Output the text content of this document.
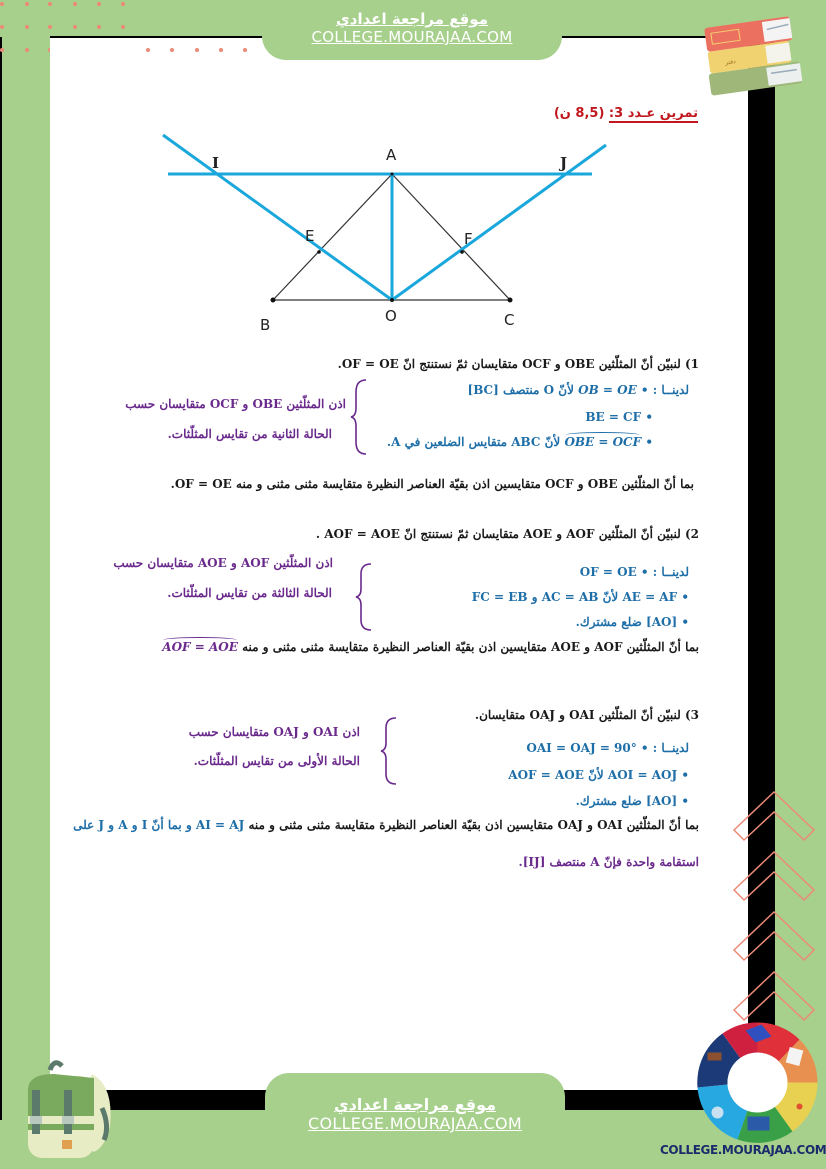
موقع مراجعة اعدادي
COLLEGE.MOURAJAA.COM
دفتر
تمرين عـدد 3: (8,5 ن)
A
B	C
O
E	F
I	J
1) لنبيّن أنّ المثلّثين OBE و OCF متقايسان ثمّ نستنتج انّ OF = OE.
لدينــا : • OB = OE لأنّ O منتصف [BC]
• BE = CF
• OBE = OCF لأنّ ABC متقايس الضلعين في A.
اذن المثلّثين OBE و OCF متقايسان حسب
الحالة الثانية من تقايس المثلّثات.
بما أنّ المثلّثين OBE و OCF متقايسين اذن بقيّة العناصر النظيرة متقايسة مثنى مثنى و منه OF = OE.
2) لنبيّن أنّ المثلّثين AOF و AOE متقايسان ثمّ نستنتج انّ AOF = AOE .
اذن المثلّثين AOF و AOE متقايسان حسب
الحالة الثالثة من تقايس المثلّثات.
لدينــا : • OF = OE
• AE = AF لأنّ AC = AB و FC = EB
• [AO] ضلع مشترك.
بما أنّ المثلّثين AOF و AOE متقايسين اذن بقيّة العناصر النظيرة متقايسة مثنى مثنى و منه AOF = AOE
3) لنبيّن أنّ المثلّثين OAI و OAJ متقايسان.
اذن OAI و OAJ متقايسان حسب
الحالة الأولى من تقايس المثلّثات.
لدينــا : • OAI = OAJ = 90°
• AOI = AOJ لأنّ AOF = AOE
• [AO] ضلع مشترك.
بما أنّ المثلّثين OAI و OAJ متقايسين اذن بقيّة العناصر النظيرة متقايسة مثنى مثنى و منه AI = AJ و بما أنّ I و A و J على
استقامة واحدة فإنّ A منتصف [IJ].
موقع مراجعة اعدادي
COLLEGE.MOURAJAA.COM
COLLEGE.MOURAJAA.COM
